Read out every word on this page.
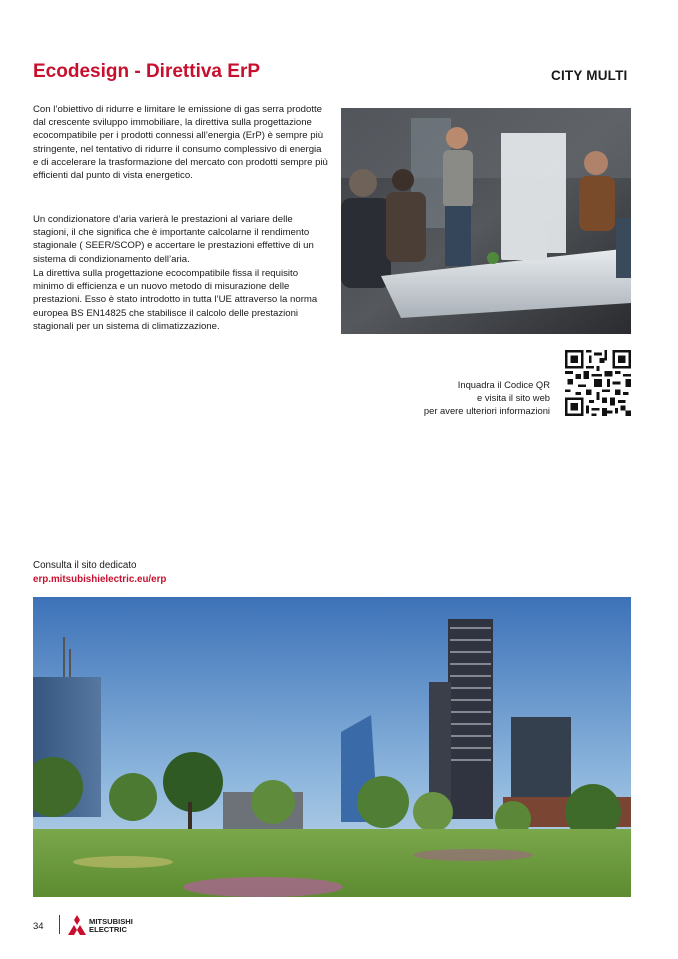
Ecodesign - Direttiva ErP	CITY MULTI

Con l’obiettivo di ridurre e limitare le emissione di gas serra prodotte dal crescente sviluppo immobiliare, la direttiva sulla progettazione ecocompatibile per i prodotti connessi all’energia (ErP) è sempre più stringente, nel tentativo di ridurre il consumo complessivo di energia e di accelerare la trasformazione del mercato con prodotti sempre più efficienti dal punto di vista energetico.

Un condizionatore d’aria varierà le prestazioni al variare delle stagioni, il che significa che è importante calcolarne il rendimento stagionale ( SEER/SCOP) e accertare le prestazioni effettive di un sistema di condizionamento dell’aria.

La direttiva sulla progettazione ecocompatibile fissa il requisito minimo di efficienza e un nuovo metodo di misurazione delle prestazioni. Esso è stato introdotto in tutta l’UE attraverso la norma europea BS EN14825 che stabilisce il calcolo delle prestazioni stagionali per un sistema di climatizzazione.

Inquadra il Codice QR
e visita il sito web
per avere ulteriori informazioni
Consulta il sito dedicato
erp.mitsubishielectric.eu/erp
34	MITSUBISHI
ELECTRIC
